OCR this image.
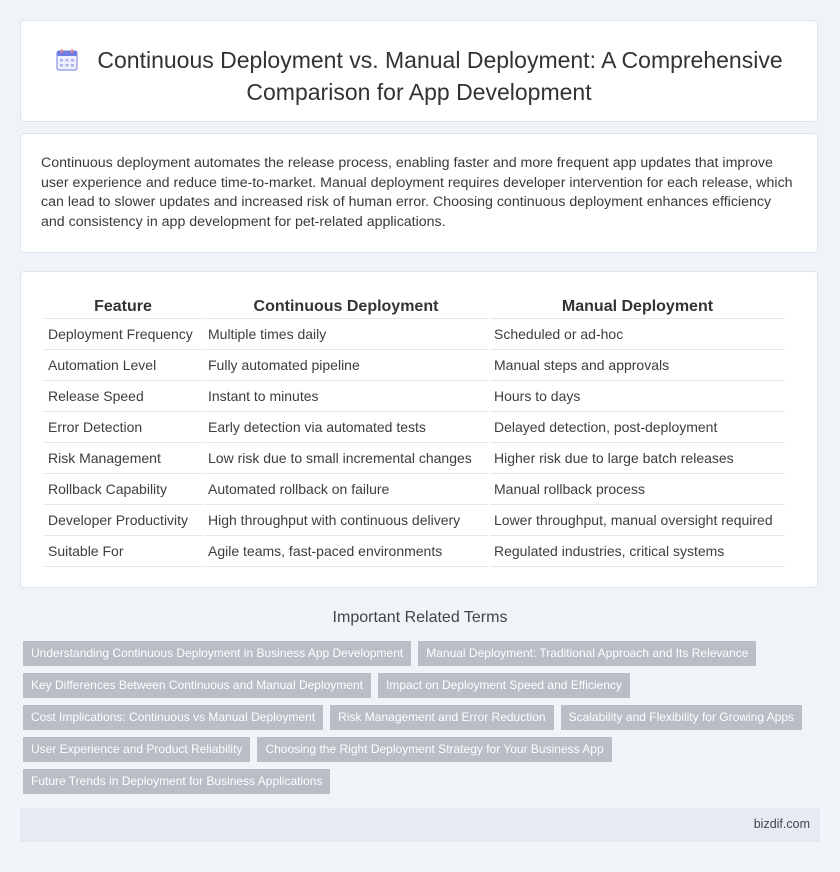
Continuous Deployment vs. Manual Deployment: A Comprehensive Comparison for App Development

Continuous deployment automates the release process, enabling faster and more frequent app updates that improve user experience and reduce time-to-market. Manual deployment requires developer intervention for each release, which can lead to slower updates and increased risk of human error. Choosing continuous deployment enhances efficiency and consistency in app development for pet-related applications.

Feature	Continuous Deployment	Manual Deployment
Deployment Frequency	Multiple times daily	Scheduled or ad-hoc
Automation Level	Fully automated pipeline	Manual steps and approvals
Release Speed	Instant to minutes	Hours to days
Error Detection	Early detection via automated tests	Delayed detection, post-deployment
Risk Management	Low risk due to small incremental changes	Higher risk due to large batch releases
Rollback Capability	Automated rollback on failure	Manual rollback process
Developer Productivity	High throughput with continuous delivery	Lower throughput, manual oversight required
Suitable For	Agile teams, fast-paced environments	Regulated industries, critical systems
Important Related Terms
Understanding Continuous Deployment in Business App Development	Manual Deployment: Traditional Approach and Its Relevance
Key Differences Between Continuous and Manual Deployment	Impact on Deployment Speed and Efficiency
Cost Implications: Continuous vs Manual Deployment	Risk Management and Error Reduction	Scalability and Flexibility for Growing Apps
User Experience and Product Reliability	Choosing the Right Deployment Strategy for Your Business App
Future Trends in Deployment for Business Applications
bizdif.com
